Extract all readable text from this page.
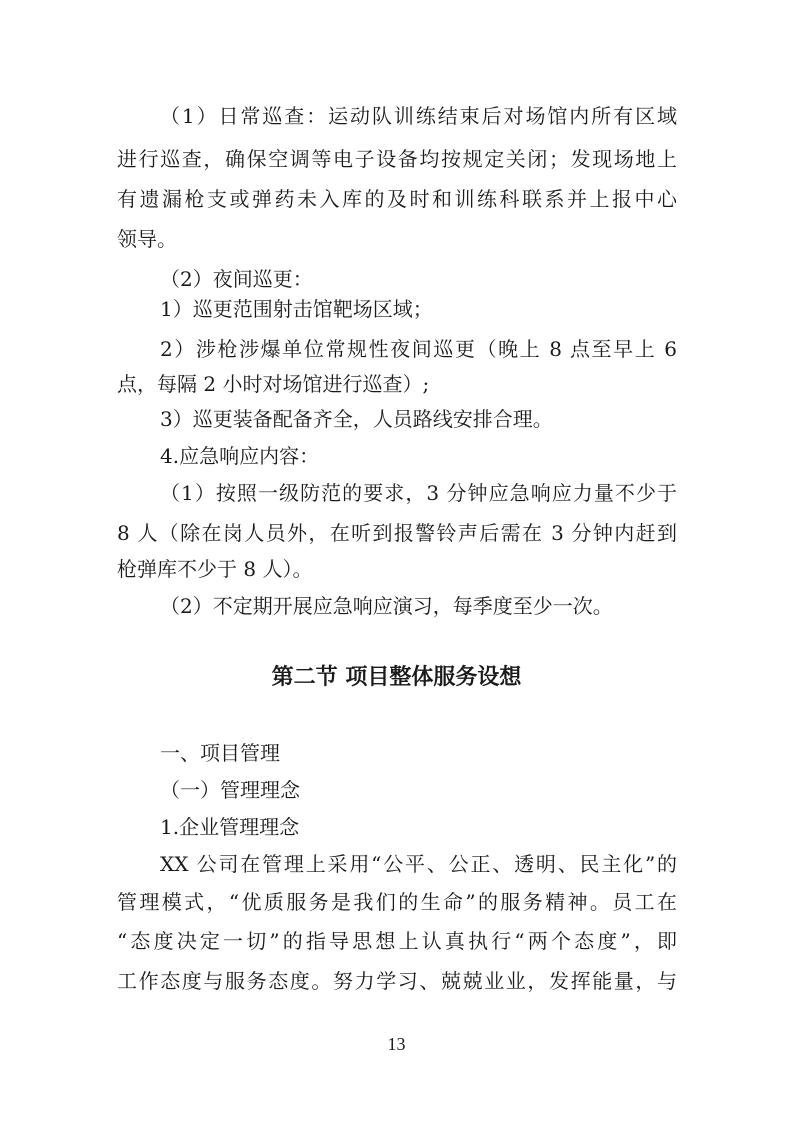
（1）日常巡查：运动队训练结束后对场馆内所有区域
进行巡查，确保空调等电子设备均按规定关闭；发现场地上
有遗漏枪支或弹药未入库的及时和训练科联系并上报中心
领导。
（2）夜间巡更：
1）巡更范围射击馆靶场区域；
2）涉枪涉爆单位常规性夜间巡更（晚上 8 点至早上 6
点，每隔 2 小时对场馆进行巡查）;
3）巡更装备配备齐全，人员路线安排合理。
4.应急响应内容：
（1）按照一级防范的要求，3 分钟应急响应力量不少于
8 人（除在岗人员外，在听到报警铃声后需在 3 分钟内赶到
枪弹库不少于 8 人）。
（2）不定期开展应急响应演习，每季度至少一次。
第二节 项目整体服务设想
一、项目管理
（一）管理理念
1.企业管理理念
XX 公司在管理上采用“公平、公正、透明、民主化”的
管理模式，“优质服务是我们的生命”的服务精神。员工在
“态度决定一切”的指导思想上认真执行“两个态度”，即
工作态度与服务态度。努力学习、兢兢业业，发挥能量，与
13
